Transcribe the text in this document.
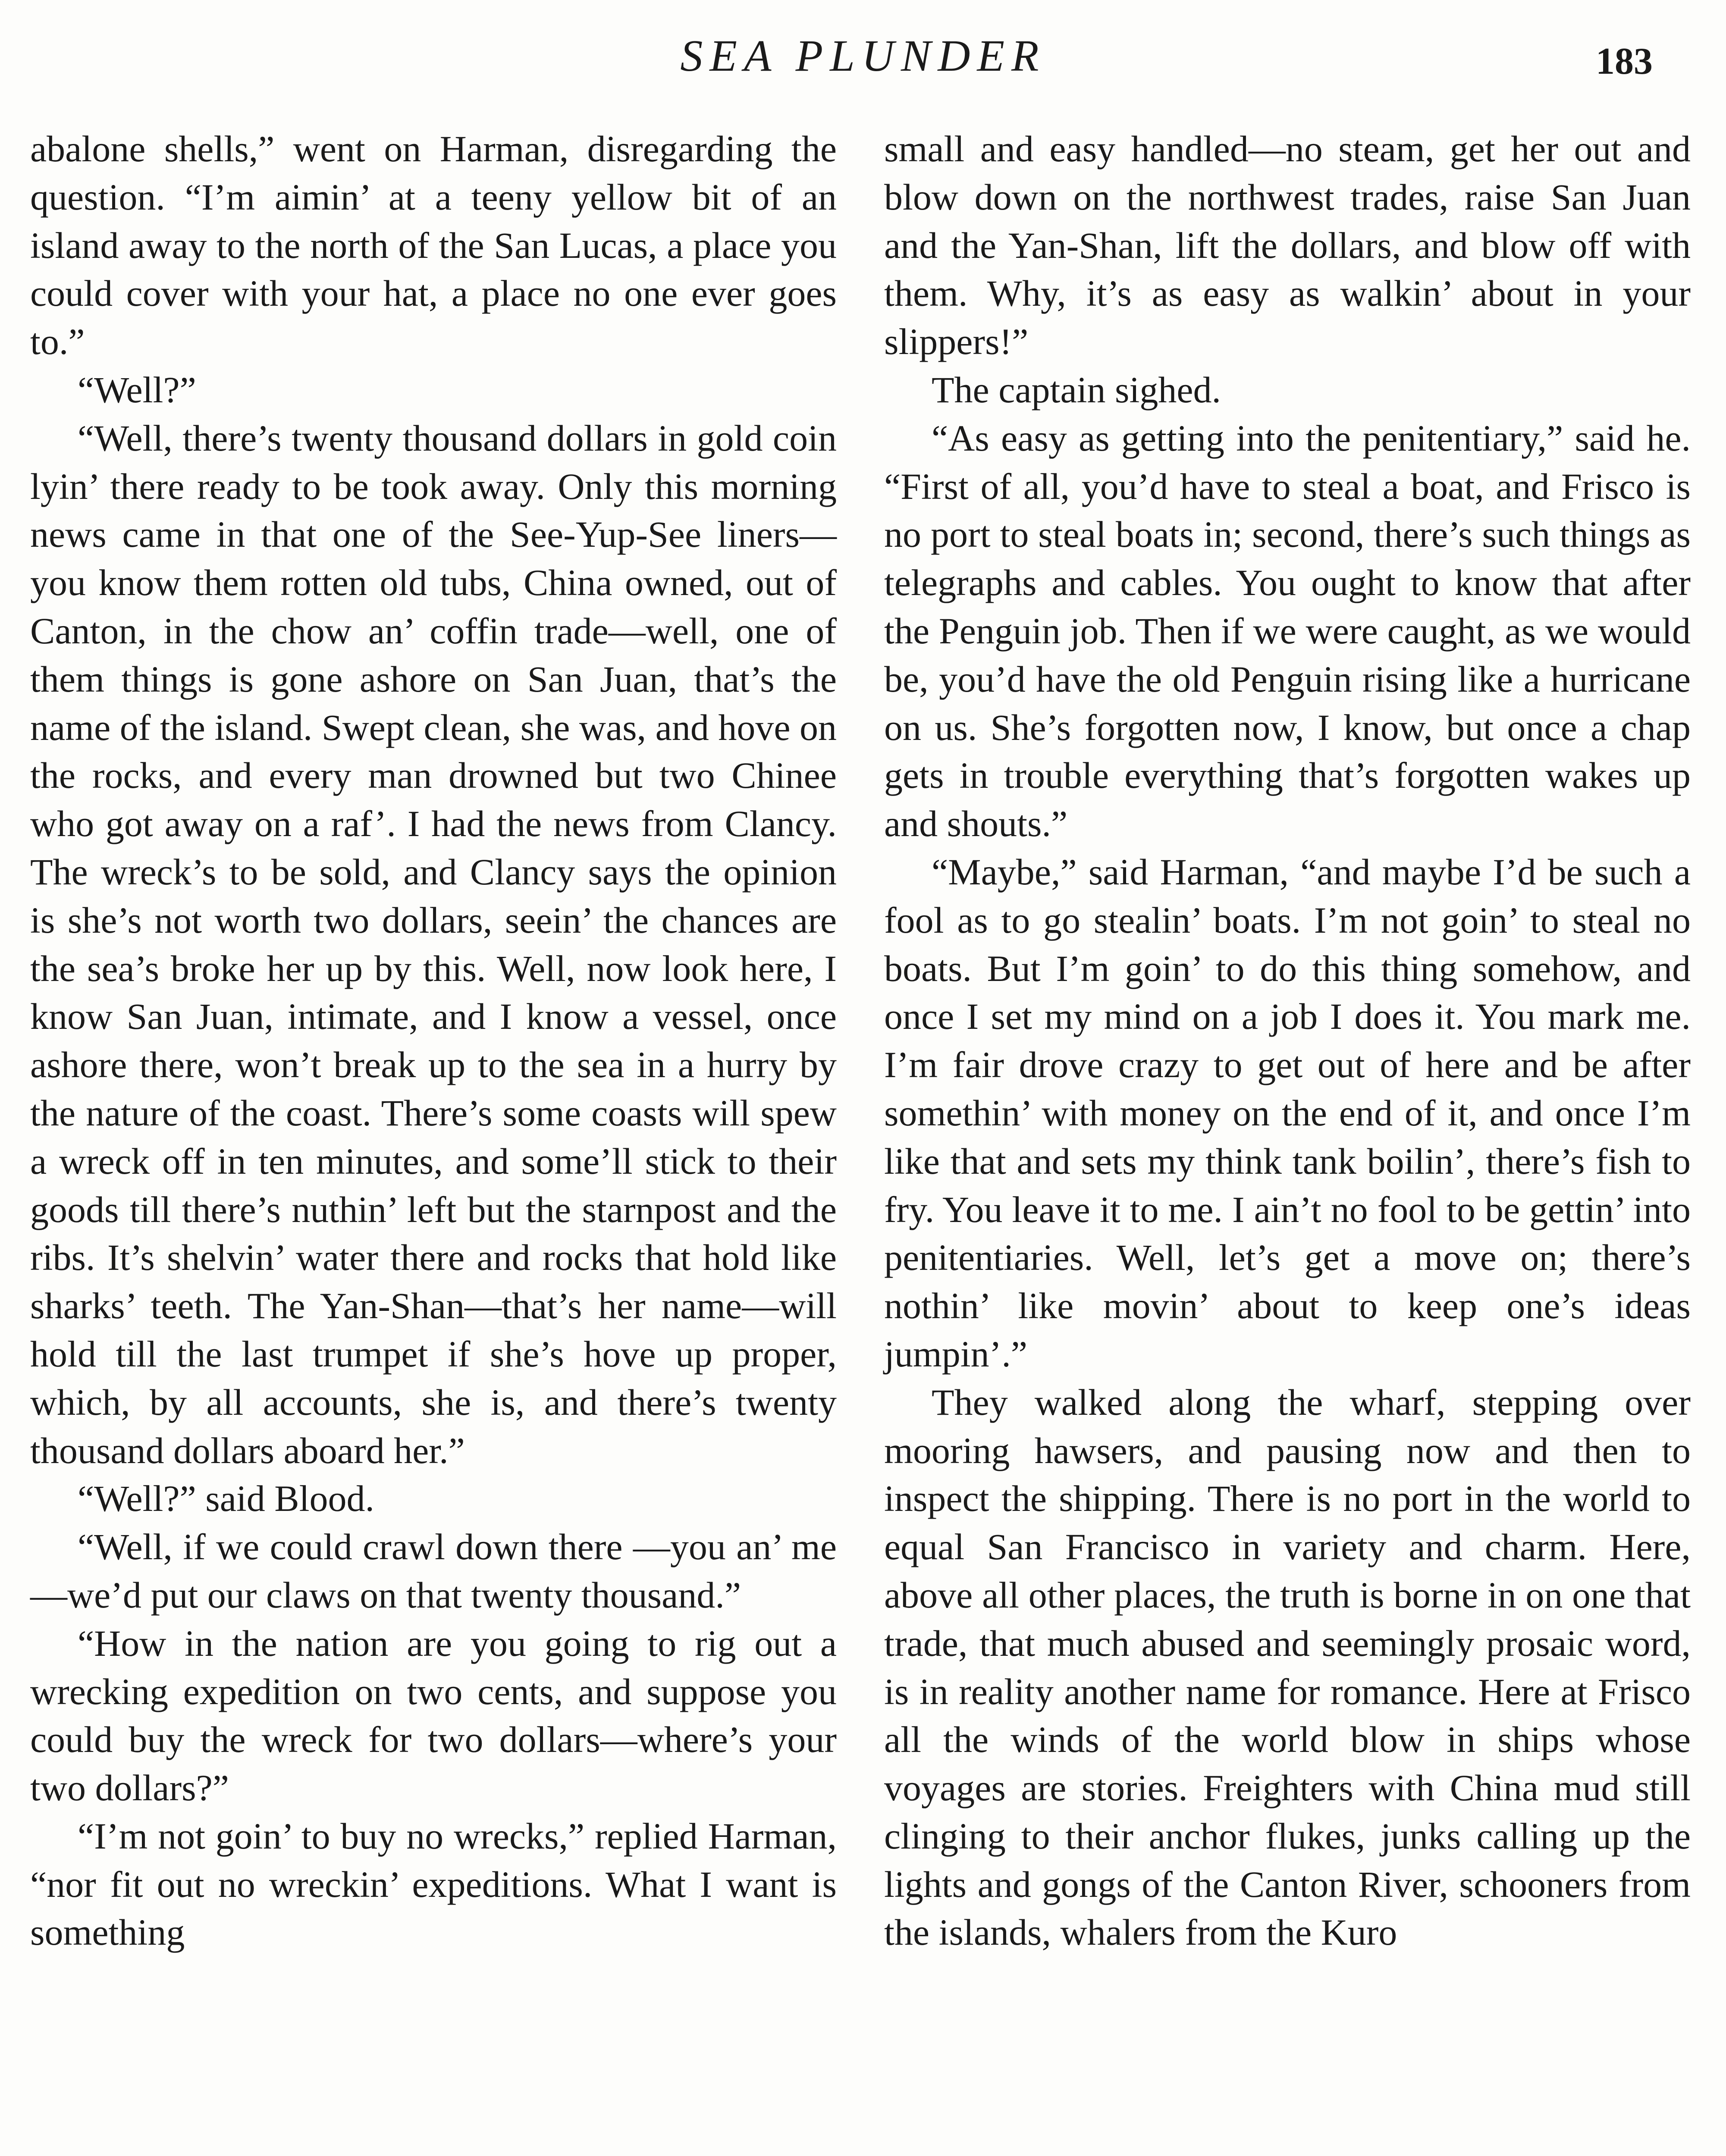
SEA PLUNDER	183

abalone shells,” went on Harman, disregarding the question. “I’m aimin’ at a teeny yellow bit of an island away to the north of the San Lucas, a place you could cover with your hat, a place no one ever goes to.”

“Well?”

“Well, there’s twenty thousand dollars in gold coin lyin’ there ready to be took away. Only this morning news came in that one of the See-Yup-See liners—you know them rotten old tubs, China owned, out of Canton, in the chow an’ coffin trade—well, one of them things is gone ashore on San Juan, that’s the name of the island. Swept clean, she was, and hove on the rocks, and every man drowned but two Chinee who got away on a raf’. I had the news from Clancy. The wreck’s to be sold, and Clancy says the opinion is she’s not worth two dollars, seein’ the chances are the sea’s broke her up by this. Well, now look here, I know San Juan, intimate, and I know a vessel, once ashore there, won’t break up to the sea in a hurry by the nature of the coast. There’s some coasts will spew a wreck off in ten minutes, and some’ll stick to their goods till there’s nuthin’ left but the starnpost and the ribs. It’s shelvin’ water there and rocks that hold like sharks’ teeth. The Yan-Shan—that’s her name—will hold till the last trumpet if she’s hove up proper, which, by all accounts, she is, and there’s twenty thousand dollars aboard her.”

“Well?” said Blood.

“Well, if we could crawl down there —you an’ me—we’d put our claws on that twenty thousand.”

“How in the nation are you going to rig out a wrecking expedition on two cents, and suppose you could buy the wreck for two dollars—where’s your two dollars?”

“I’m not goin’ to buy no wrecks,” replied Harman, “nor fit out no wreckin’ expeditions. What I want is something

small and easy handled—no steam, get her out and blow down on the northwest trades, raise San Juan and the Yan-Shan, lift the dollars, and blow off with them. Why, it’s as easy as walkin’ about in your slippers!”

The captain sighed.

“As easy as getting into the penitentiary,” said he. “First of all, you’d have to steal a boat, and Frisco is no port to steal boats in; second, there’s such things as telegraphs and cables. You ought to know that after the Penguin job. Then if we were caught, as we would be, you’d have the old Penguin rising like a hurricane on us. She’s forgotten now, I know, but once a chap gets in trouble everything that’s forgotten wakes up and shouts.”

“Maybe,” said Harman, “and maybe I’d be such a fool as to go stealin’ boats. I’m not goin’ to steal no boats. But I’m goin’ to do this thing somehow, and once I set my mind on a job I does it. You mark me. I’m fair drove crazy to get out of here and be after somethin’ with money on the end of it, and once I’m like that and sets my think tank boilin’, there’s fish to fry. You leave it to me. I ain’t no fool to be gettin’ into penitentiaries. Well, let’s get a move on; there’s nothin’ like movin’ about to keep one’s ideas jumpin’.”

They walked along the wharf, stepping over mooring hawsers, and pausing now and then to inspect the shipping. There is no port in the world to equal San Francisco in variety and charm. Here, above all other places, the truth is borne in on one that trade, that much abused and seemingly prosaic word, is in reality another name for romance. Here at Frisco all the winds of the world blow in ships whose voyages are stories. Freighters with China mud still clinging to their anchor flukes, junks calling up the lights and gongs of the Canton River, schooners from the islands, whalers from the Kuro
